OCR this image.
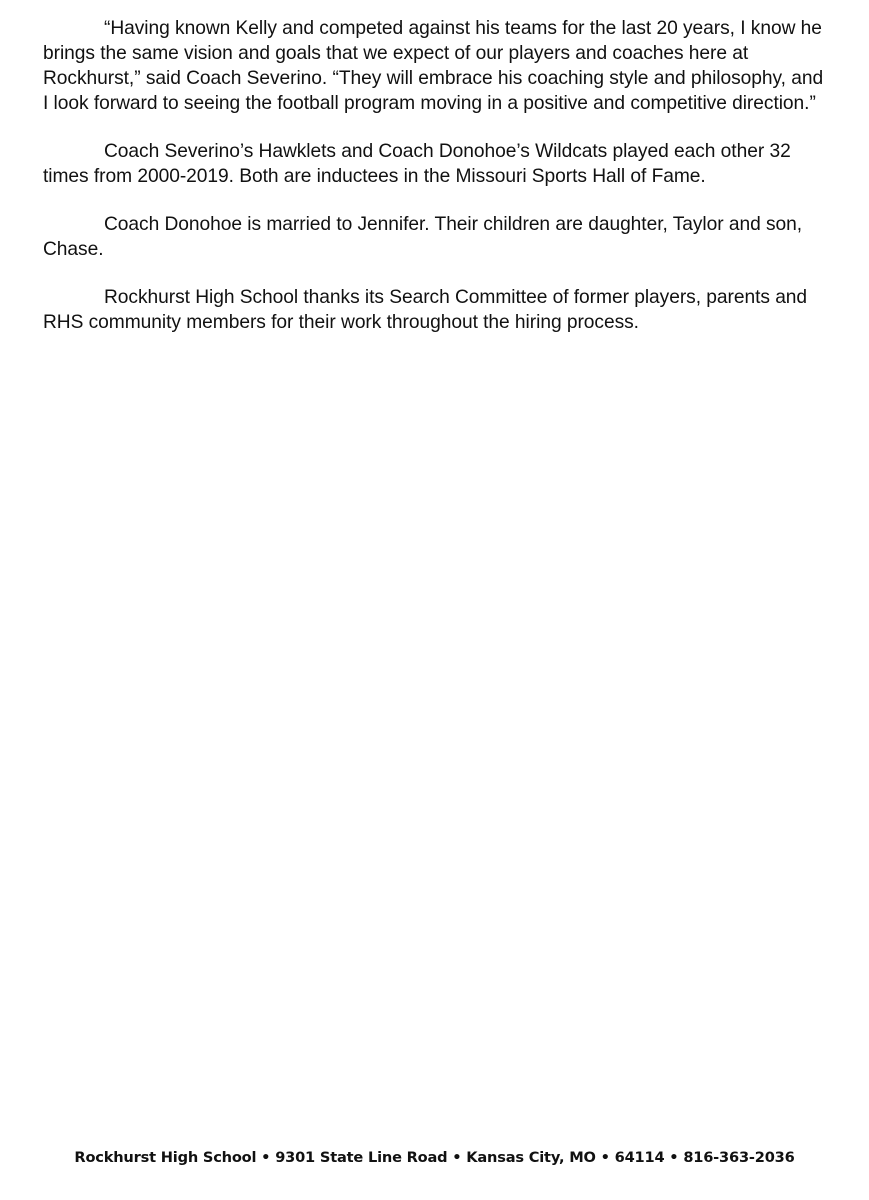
“Having known Kelly and competed against his teams for the last 20 years, I know he brings the same vision and goals that we expect of our players and coaches here at Rockhurst,” said Coach Severino. “They will embrace his coaching style and philosophy, and I look forward to seeing the football program moving in a positive and competitive direction.”

Coach Severino’s Hawklets and Coach Donohoe’s Wildcats played each other 32 times from 2000-2019. Both are inductees in the Missouri Sports Hall of Fame.

Coach Donohoe is married to Jennifer. Their children are daughter, Taylor and son, Chase.

Rockhurst High School thanks its Search Committee of former players, parents and RHS community members for their work throughout the hiring process.

Rockhurst High School • 9301 State Line Road • Kansas City, MO • 64114 • 816-363-2036
